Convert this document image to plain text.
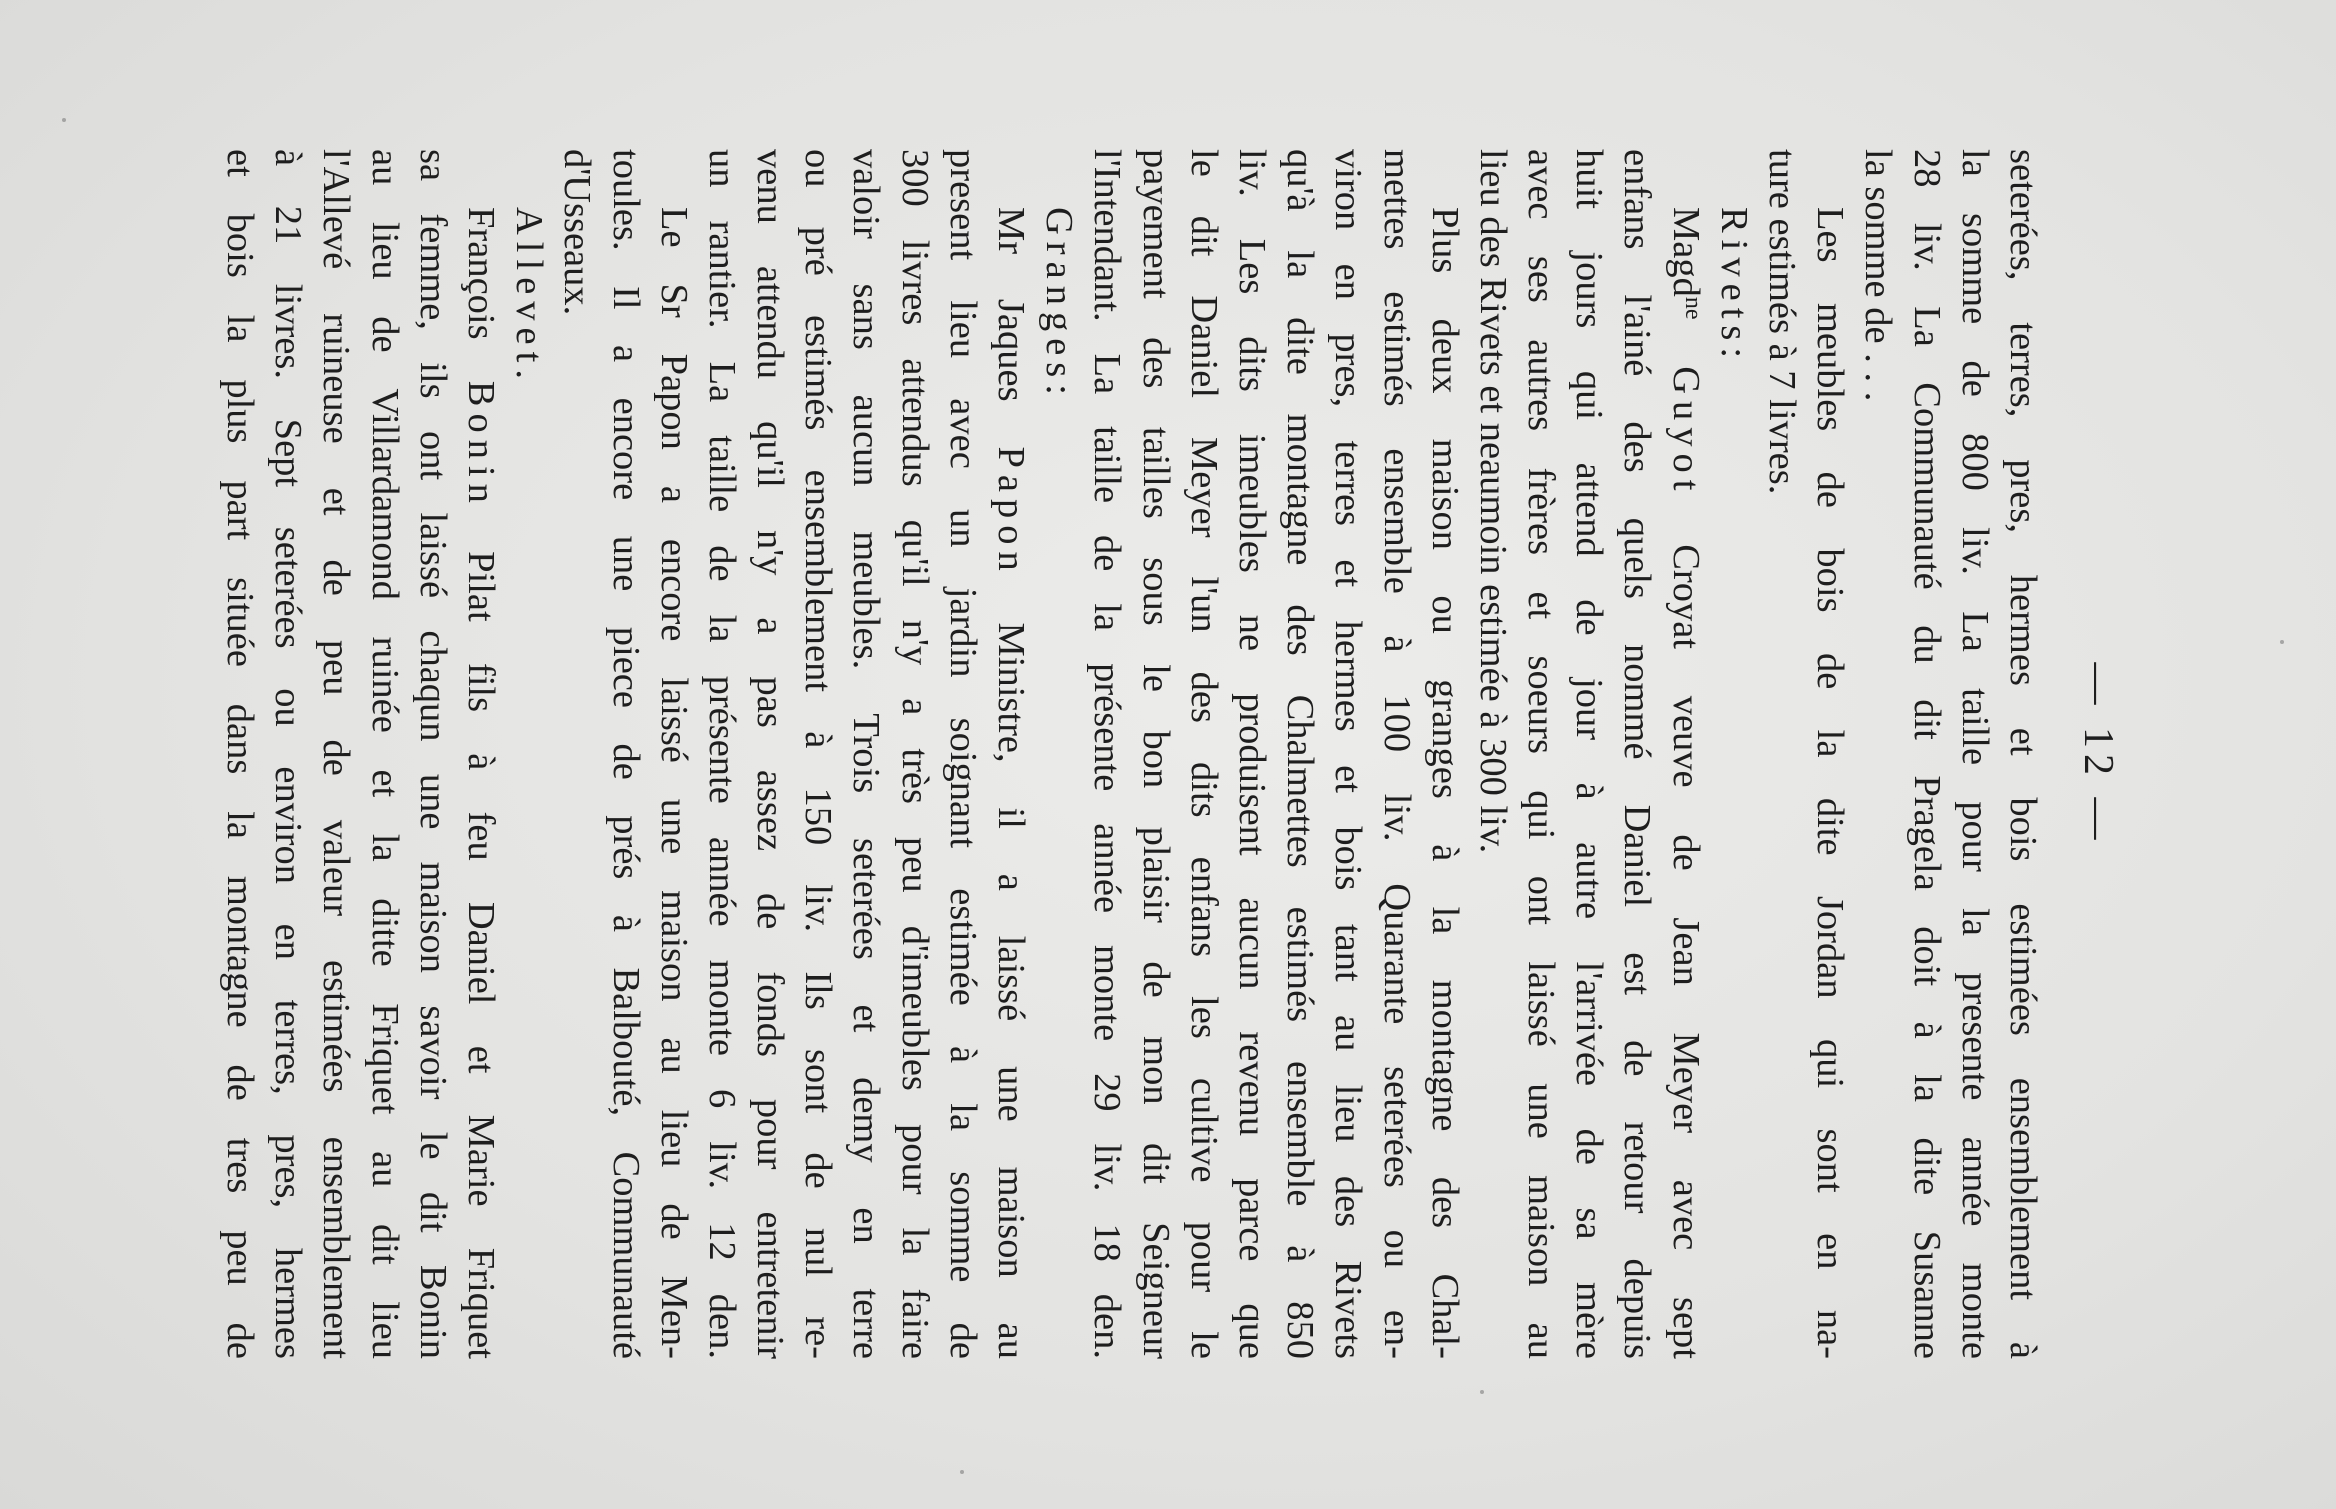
— 12 —
seterées, terres, pres, hermes et bois estimées ensemblement à
la somme de 800 liv. La taille pour la presente année monte
28 liv. La Communauté du dit Pragela doit à la dite Susanne
la somme de . . .
Les meubles de bois de la dite Jordan qui sont en na-
ture estimés à 7 livres.
Rivets:
Magd$^{ne}$ Guyot Croyat veuve de Jean Meyer avec sept
enfans l'ainé des quels nommé Daniel est de retour depuis
huit jours qui attend de jour à autre l'arrivée de sa mère
avec ses autres frères et soeurs qui ont laissé une maison au
lieu des Rivets et neaumoin estimée à 300 liv.
Plus deux maison ou granges à la montagne des Chal-
mettes estimés ensemble à 100 liv. Quarante seterées ou en-
viron en pres, terres et hermes et bois tant au lieu des Rivets
qu'à la dite montagne des Chalmettes estimés ensemble à 850
liv. Les dits imeubles ne produisent aucun revenu parce que
le dit Daniel Meyer l'un des dits enfans les cultive pour le
payement des tailles sous le bon plaisir de mon dit Seigneur
l'Intendant. La taille de la présente année monte 29 liv. 18 den.
Granges:
Mr Jaques Papon Ministre, il a laissé une maison au
present lieu avec un jardin soignant estimée à la somme de
300 livres attendus qu'il n'y a très peu d'imeubles pour la faire
valoir sans aucun meubles. Trois seterées et demy en terre
ou pré estimés ensemblement à 150 liv. Ils sont de nul re-
venu attendu qu'il n'y a pas assez de fonds pour entretenir
un rantier. La taille de la présente année monte 6 liv. 12 den.
Le Sr Papon a encore laissé une maison au lieu de Men-
toules. Il a encore une piece de prés à Balbouté, Communauté
d'Usseaux.
Allevet.
François Bonin Pilat fils à feu Daniel et Marie Friquet
sa femme, ils ont laissé chaqun une maison savoir le dit Bonin
au lieu de Villardamond ruinée et la ditte Friquet au dit lieu
l'Allevé ruineuse et de peu de valeur estimées ensemblement
à 21 livres. Sept seterées ou environ en terres, pres, hermes
et bois la plus part située dans la montagne de tres peu de
